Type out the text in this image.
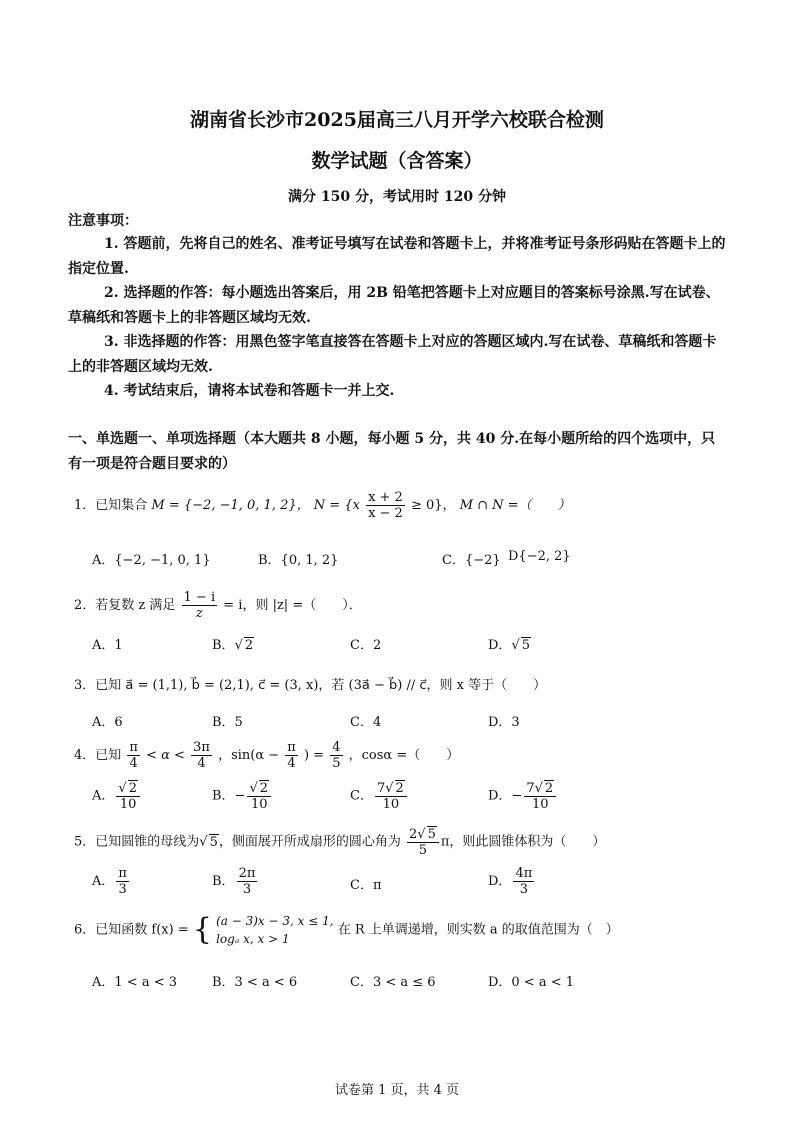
湖南省长沙市2025届高三八月开学六校联合检测
数学试题（含答案）
满分 150 分，考试用时 120 分钟
注意事项：
1. 答题前，先将自己的姓名、准考证号填写在试卷和答题卡上，并将准考证号条形码贴在答题卡上的指定位置.
2. 选择题的作答：每小题选出答案后，用 2B 铅笔把答题卡上对应题目的答案标号涂黑.写在试卷、草稿纸和答题卡上的非答题区域均无效.
3. 非选择题的作答：用黑色签字笔直接答在答题卡上对应的答题区域内.写在试卷、草稿纸和答题卡上的非答题区域均无效.
4. 考试结束后，请将本试卷和答题卡一并上交.
一、单选题一、单项选择题（本大题共 8 小题，每小题 5 分，共 40 分.在每小题所给的四个选项中，只有一项是符合题目要求的）
1．已知集合 M = {−2, −1, 0, 1, 2}， $N = \{x \frac{x + 2}{x - 2} \ge 0\}$， M ∩ N =（　　）
A．{−2, −1, 0, 1}	B．{0, 1, 2}	C．{−2} D{−2, 2}
2．若复数 z 满足 $\frac{1 - i}{z} = i$，则 |z| =（　　）．
A．1	B．√ 2	C．2	D．√ 5
3．已知 a⃗ = (1,1), b⃗ = (2,1), c⃗ = (3, x)，若 (3a⃗ − b⃗) // c⃗，则 x 等于（　　）
A．6	B．5	C．4	D．3
4．已知 $\frac{\pi}{4} < \alpha < \frac{3\pi}{4}$ ，$\sin(\alpha - \frac{\pi}{4}$ ) = $\frac{4}{5}$ ，cosα =（　　）
A． $\frac{√ 2}{10}$	B．− $\frac{√ 2}{10}$	C． $\frac{7√ 2}{10}$	D．− $\frac{7√ 2}{10}$
5．已知圆锥的母线为√ 5，侧面展开所成扇形的圆心角为 $\frac{2√ 5}{5}$ π，则此圆锥体积为（　　）
A． $\frac{\pi}{3}$	B． $\frac{2\pi}{3}$	C．π	D． $\frac{4\pi}{3}$
6．已知函数 f(x) = { (a − 3)x − 3, x ≤ 1,
logₐ x, x > 1
在 R 上单调递增，则实数 a 的取值范围为（　）
A．1 < a < 3	B．3 < a < 6	C．3 < a ≤ 6	D．0 < a < 1
试卷第 1 页，共 4 页
